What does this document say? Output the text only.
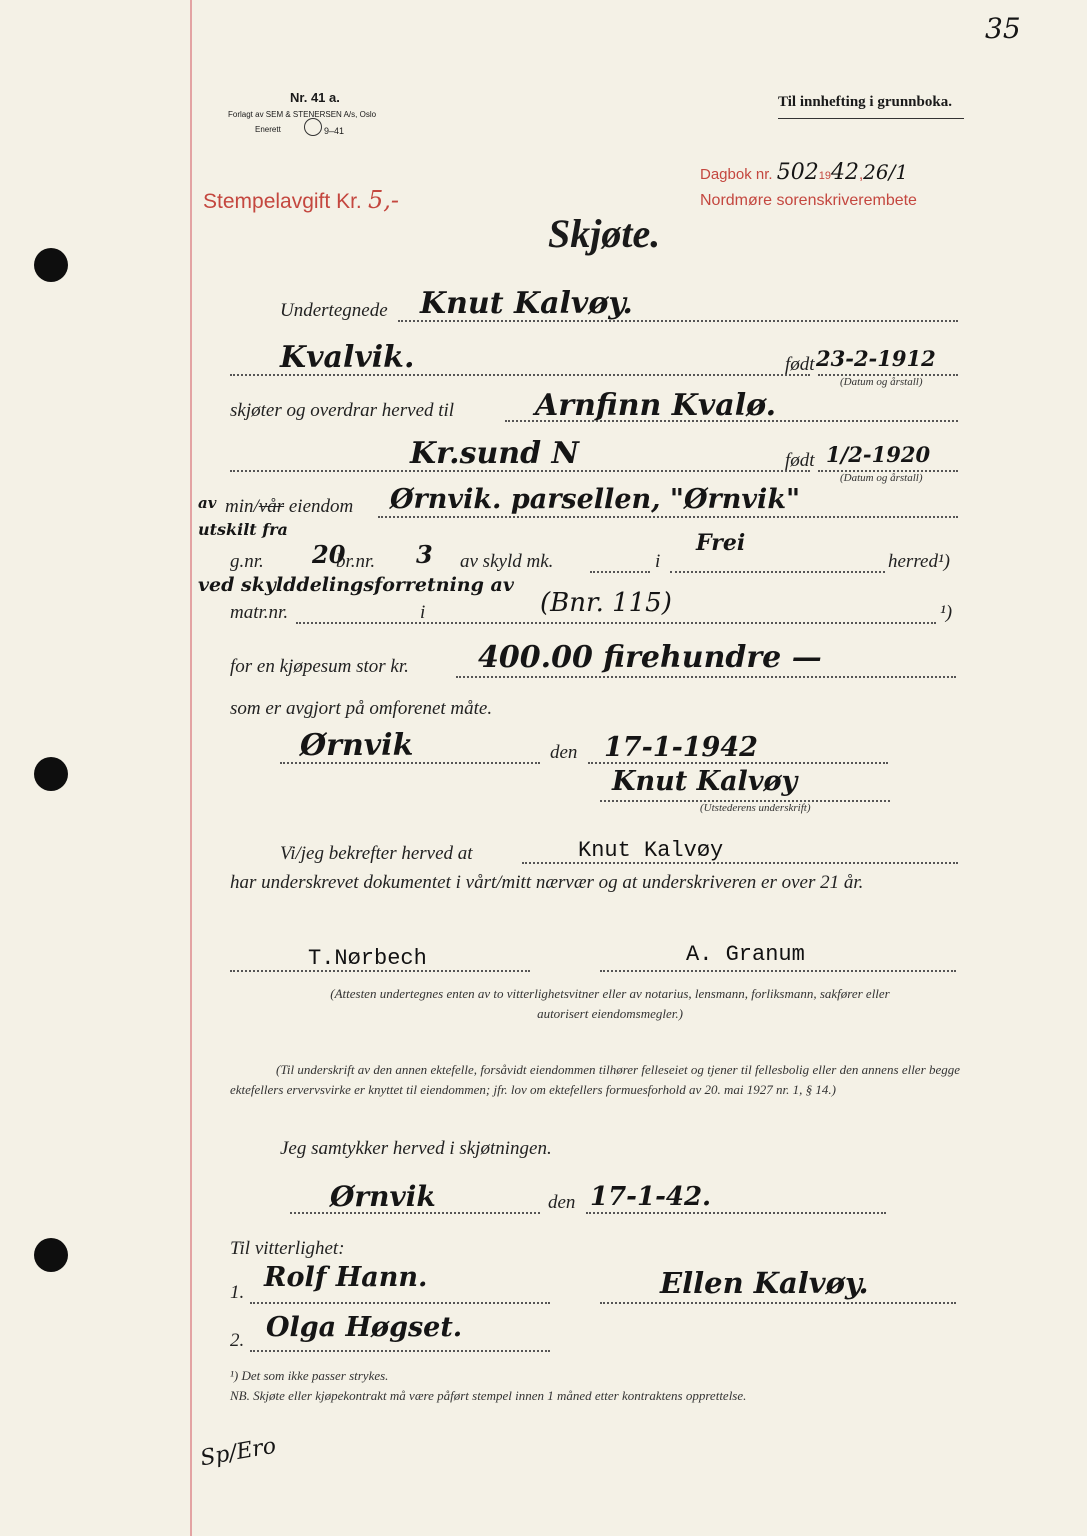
35
Nr. 41 a.
Forlagt av SEM & STENERSEN A/s, Oslo
Enerett	9–41
Til innhefting i grunnboka.
Stempelavgift Kr. 5,-
Dagbok nr. 5021942,26/1
Nordmøre sorenskriverembete
Skjøte.
Undertegnede Knut Kalvøy.
Kvalvik.	født 23-2-1912
(Datum og årstall)
skjøter og overdrar herved til	Arnfinn Kvalø.
Kr.sund N	født 1/2-1920
(Datum og årstall)
av min/vår eiendom Ørnvik. parsellen, "Ørnvik"
utskilt fra
g.nr. 20
br.nr. 3 av skyld mk.	i
Frei
herred¹)
ved skylddelingsforretning av
matr.nr.	i	(Bnr. 115)	¹)
for en kjøpesum stor kr. 400.00 firehundre —
som er avgjort på omforenet måte.
Ørnvik	den 17-1-1942
Knut Kalvøy
(Utstederens underskrift)
Vi/jeg bekrefter herved at	Knut Kalvøy
har underskrevet dokumentet i vårt/mitt nærvær og at underskriveren er over 21 år.
T.Nørbech	A. Granum
(Attesten undertegnes enten av to vitterlighetsvitner eller av notarius, lensmann, forliksmann, sakfører eller autorisert eiendomsmegler.)
(Til underskrift av den annen ektefelle, forsåvidt eiendommen tilhører felleseiet og tjener til fellesbolig eller den annens eller begge ektefellers ervervsvirke er knyttet til eiendommen; jfr. lov om ektefellers formuesforhold av 20. mai 1927 nr. 1, § 14.)
Jeg samtykker herved i skjøtningen.
Ørnvik	den 17-1-42.
Til vitterlighet:
1. Rolf Hann.	Ellen Kalvøy.
2. Olga Høgset.
¹) Det som ikke passer strykes.
NB. Skjøte eller kjøpekontrakt må være påført stempel innen 1 måned etter kontraktens opprettelse.
Sp/Ero
